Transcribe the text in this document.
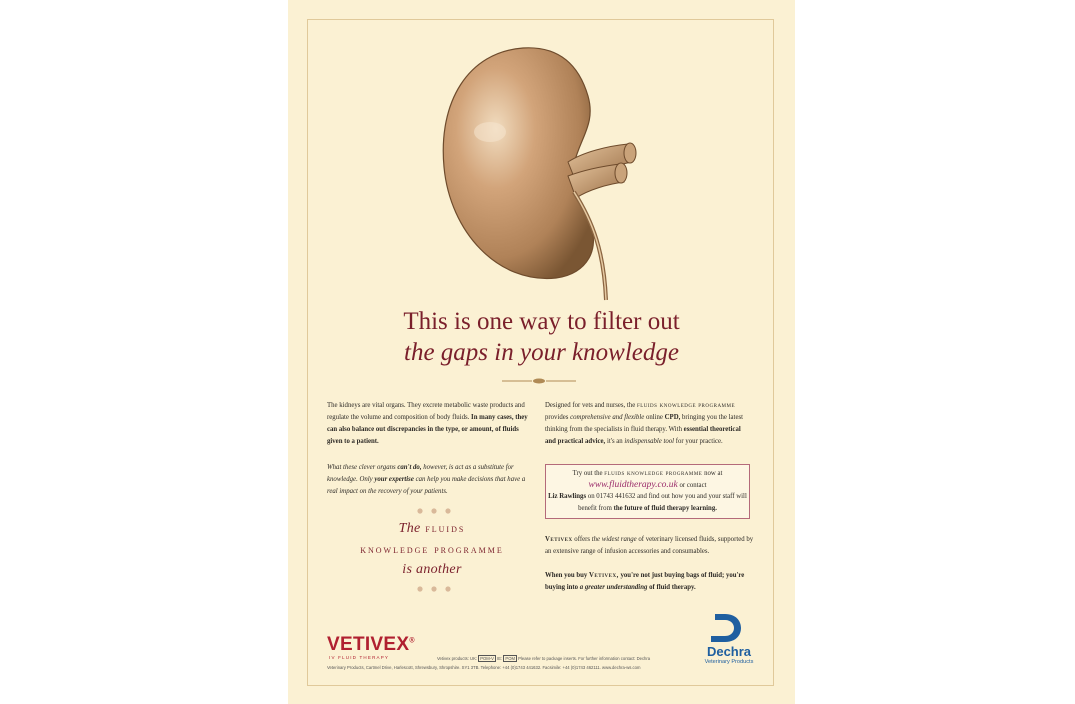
This is one way to filter out
the gaps in your knowledge

The kidneys are vital organs. They excrete metabolic waste products and regulate the volume and composition of body fluids. In many cases, they can also balance out discrepancies in the type, or amount, of fluids given to a patient.

What these clever organs can't do, however, is act as a substitute for knowledge. Only your expertise can help you make decisions that have a real impact on the recovery of your patients.

The fluids
knowledge programme
is another

Designed for vets and nurses, the fluids knowledge programme provides comprehensive and flexible online CPD, bringing you the latest thinking from the specialists in fluid therapy. With essential theoretical and practical advice, it's an indispensable tool for your practice.

Try out the fluids knowledge programme now at
www.fluidtherapy.co.uk or contact
Liz Rawlings on 01743 441632 and find out how you and your staff will benefit from the future of fluid therapy learning.

Vetivex offers the widest range of veterinary licensed fluids, supported by an extensive range of infusion accessories and consumables.

When you buy Vetivex, you're not just buying bags of fluid; you're buying into a greater understanding of fluid therapy.

VETIVEX®
IV FLUID THERAPY	Vetivex products: UK: POM-V IE: POM Please refer to package inserts. For further information contact: Dechra
Veterinary Products, Cartmel Drive, Harlescott, Shrewsbury, Shropshire. SY1 3TB. Telephone: +44 (0)1743 441632. Facsimile: +44 (0)1743 462111. www.dechra-ws.com
Dechra
Veterinary Products
